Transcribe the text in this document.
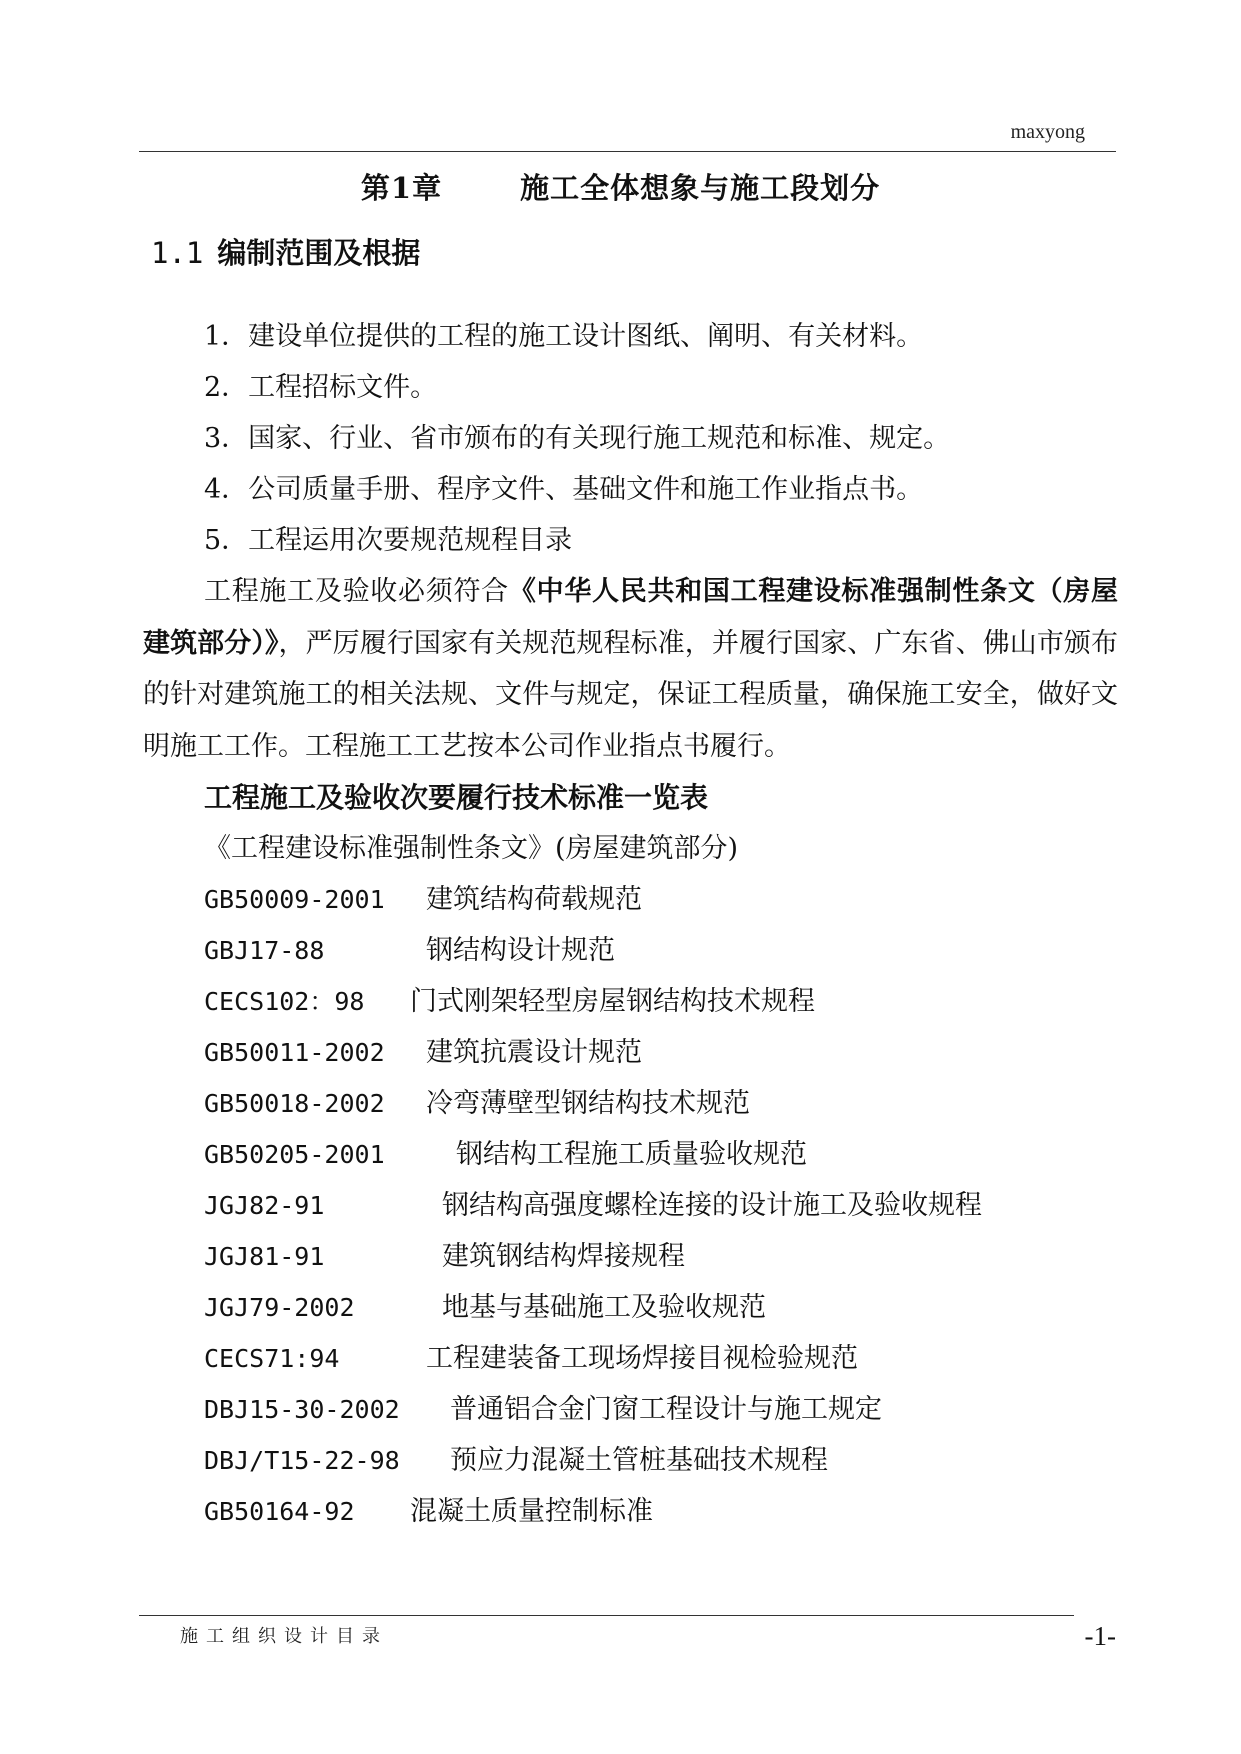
maxyong
第1章	施工全体想象与施工段划分
1.1 编制范围及根据
1．建设单位提供的工程的施工设计图纸、阐明、有关材料。
2．工程招标文件。
3．国家、行业、省市颁布的有关现行施工规范和标准、规定。
4．公司质量手册、程序文件、基础文件和施工作业指点书。
5．工程运用次要规范规程目录
工程施工及验收必须符合《中华人民共和国工程建设标准强制性条文（房屋建筑部分）》，严厉履行国家有关规范规程标准，并履行国家、广东省、佛山市颁布的针对建筑施工的相关法规、文件与规定，保证工程质量，确保施工安全，做好文明施工工作。工程施工工艺按本公司作业指点书履行。
工程施工及验收次要履行技术标准一览表
《工程建设标准强制性条文》(房屋建筑部分)
GB50009-2001 建筑结构荷载规范
GBJ17-88	钢结构设计规范
CECS102：98 门式刚架轻型房屋钢结构技术规程
GB50011-2002 建筑抗震设计规范
GB50018-2002 冷弯薄壁型钢结构技术规范
GB50205-2001	钢结构工程施工质量验收规范
JGJ82-91	钢结构高强度螺栓连接的设计施工及验收规程
JGJ81-91	建筑钢结构焊接规程
JGJ79-2002	地基与基础施工及验收规范
CECS71:94	工程建装备工现场焊接目视检验规范
DBJ15-30-2002 普通铝合金门窗工程设计与施工规定
DBJ/T15-22-98 预应力混凝土管桩基础技术规程
GB50164-92 混凝土质量控制标准
施工组织设计目录	-1-
